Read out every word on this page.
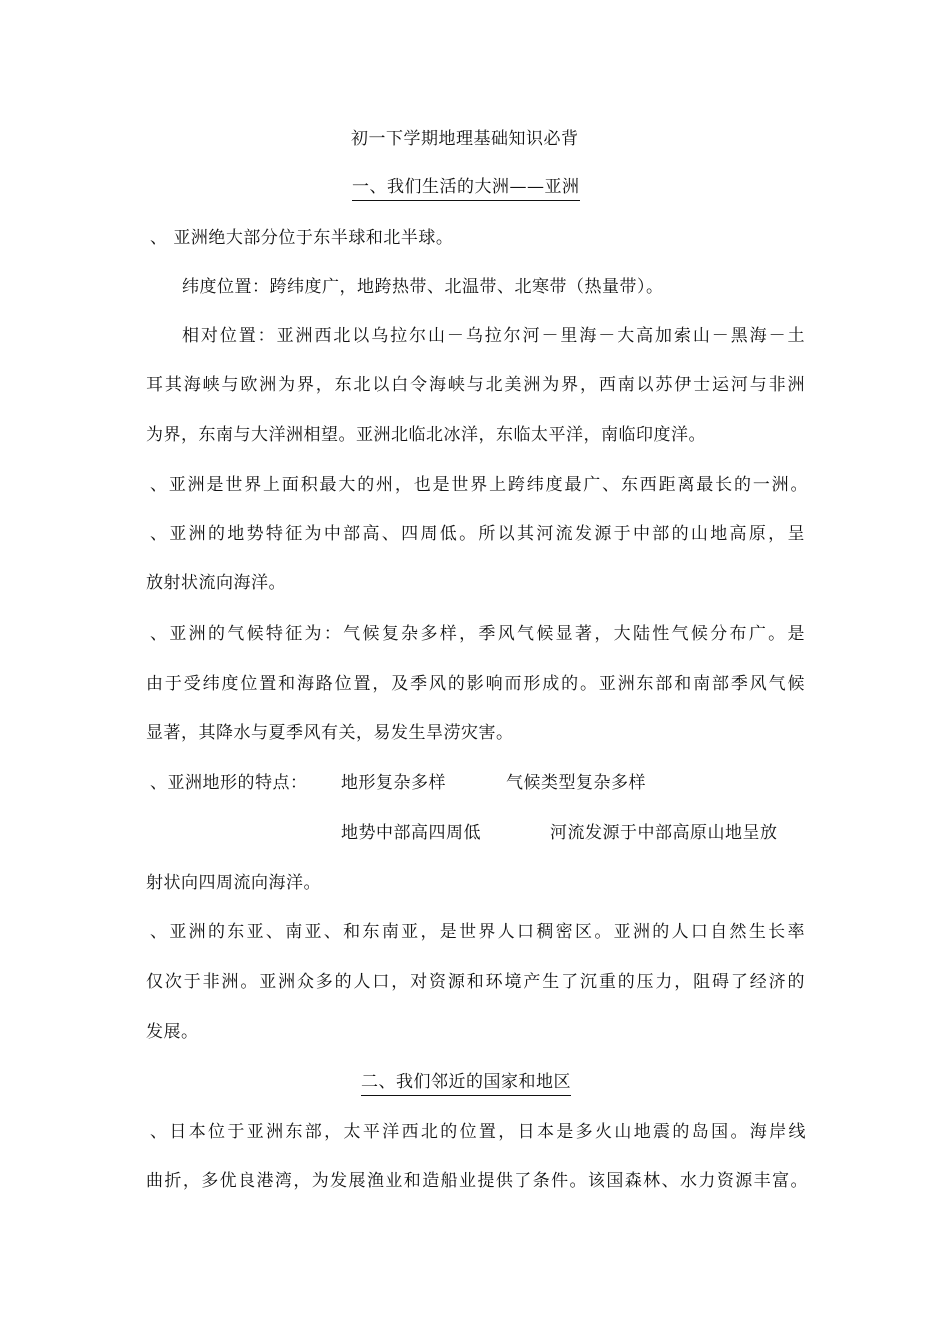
初一下学期地理基础知识必背
一、我们生活的大洲——亚洲
、 亚洲绝大部分位于东半球和北半球。
纬度位置：跨纬度广，地跨热带、北温带、北寒带（热量带）。
相对位置：亚洲西北以乌拉尔山－乌拉尔河－里海－大高加索山－黑海－土
耳其海峡与欧洲为界，东北以白令海峡与北美洲为界，西南以苏伊士运河与非洲
为界，东南与大洋洲相望。亚洲北临北冰洋，东临太平洋，南临印度洋。
、亚洲是世界上面积最大的州，也是世界上跨纬度最广、东西距离最长的一洲。
、亚洲的地势特征为中部高、四周低。所以其河流发源于中部的山地高原，呈
放射状流向海洋。
、亚洲的气候特征为：气候复杂多样，季风气候显著，大陆性气候分布广。是
由于受纬度位置和海路位置，及季风的影响而形成的。亚洲东部和南部季风气候
显著，其降水与夏季风有关，易发生旱涝灾害。
、亚洲地形的特点： 地形复杂多样	气候类型复杂多样
地势中部高四周低	河流发源于中部高原山地呈放
射状向四周流向海洋。
、亚洲的东亚、南亚、和东南亚，是世界人口稠密区。亚洲的人口自然生长率
仅次于非洲。亚洲众多的人口，对资源和环境产生了沉重的压力，阻碍了经济的
发展。
二、我们邻近的国家和地区
、日本位于亚洲东部，太平洋西北的位置，日本是多火山地震的岛国。海岸线
曲折，多优良港湾，为发展渔业和造船业提供了条件。该国森林、水力资源丰富。
